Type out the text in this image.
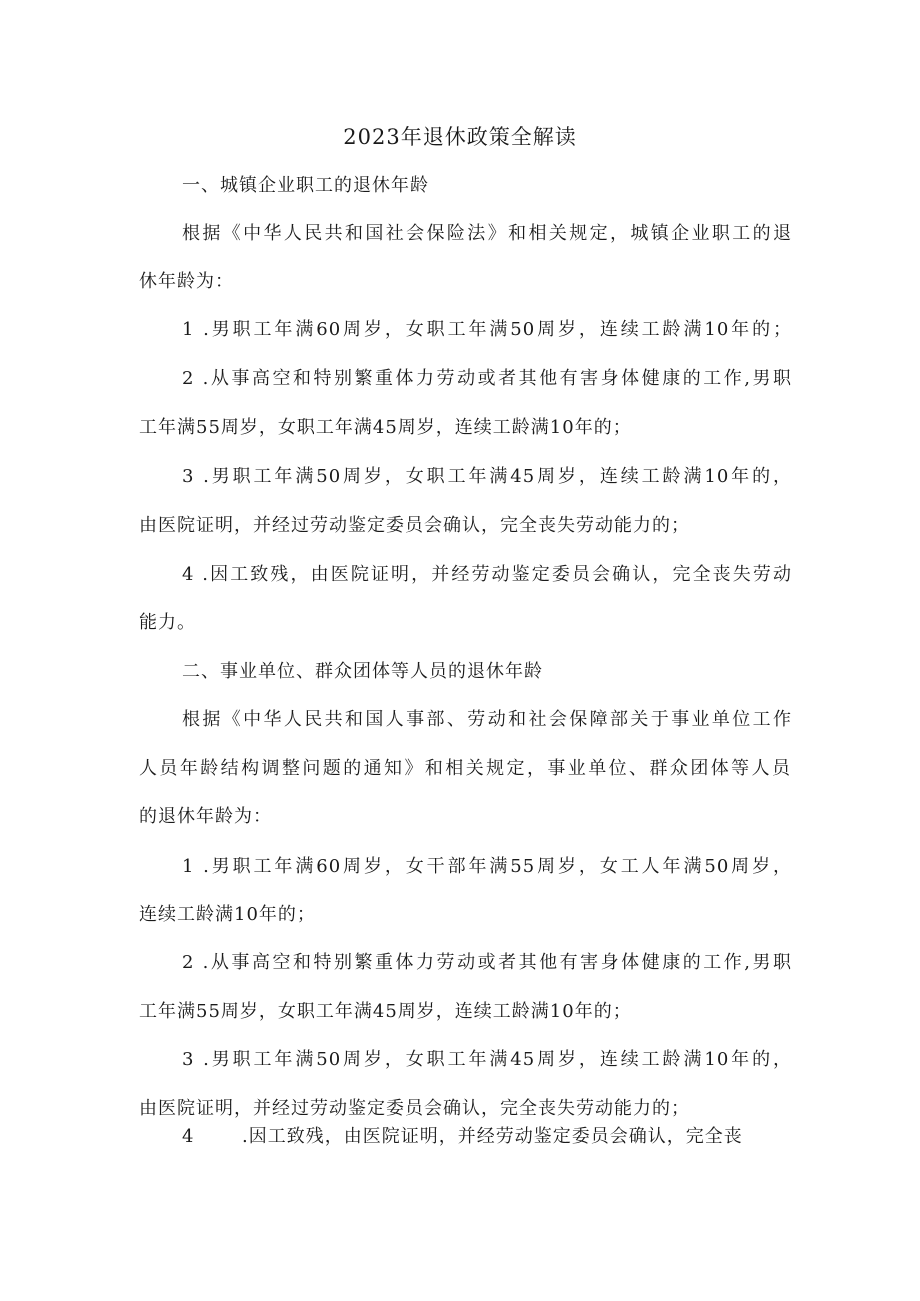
2023年退休政策全解读
一、城镇企业职工的退休年龄
根据《中华人民共和国社会保险法》和相关规定，城镇企业职工的退
休年龄为：
1 .男职工年满60周岁，女职工年满50周岁，连续工龄满10年的；
2 .从事高空和特别繁重体力劳动或者其他有害身体健康的工作,男职
工年满55周岁，女职工年满45周岁，连续工龄满10年的；
3 .男职工年满50周岁，女职工年满45周岁，连续工龄满10年的，
由医院证明，并经过劳动鉴定委员会确认，完全丧失劳动能力的；
4 .因工致残，由医院证明，并经劳动鉴定委员会确认，完全丧失劳动
能力。
二、事业单位、群众团体等人员的退休年龄
根据《中华人民共和国人事部、劳动和社会保障部关于事业单位工作
人员年龄结构调整问题的通知》和相关规定，事业单位、群众团体等人员
的退休年龄为：
1 .男职工年满60周岁，女干部年满55周岁，女工人年满50周岁，
连续工龄满10年的；
2 .从事高空和特别繁重体力劳动或者其他有害身体健康的工作,男职
工年满55周岁，女职工年满45周岁，连续工龄满10年的；
3 .男职工年满50周岁，女职工年满45周岁，连续工龄满10年的，
由医院证明，并经过劳动鉴定委员会确认，完全丧失劳动能力的；
4	.因工致残，由医院证明，并经劳动鉴定委员会确认，完全丧
